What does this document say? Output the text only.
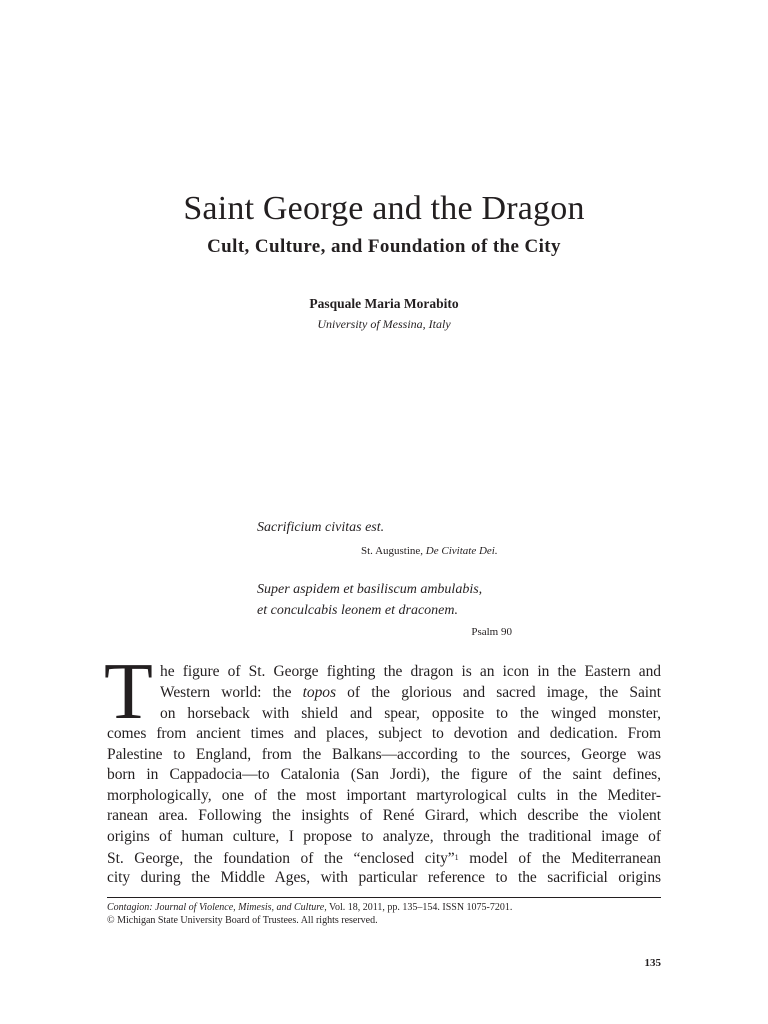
Saint George and the Dragon
Cult, Culture, and Foundation of the City
Pasquale Maria Morabito
University of Messina, Italy
Sacrificium civitas est.
St. Augustine, De Civitate Dei.
Super aspidem et basiliscum ambulabis,
et conculcabis leonem et draconem.
Psalm 90
T he figure of St. George fighting the dragon is an icon in the Eastern and
Western world: the topos of the glorious and sacred image, the Saint
on horseback with shield and spear, opposite to the winged monster,
comes from ancient times and places, subject to devotion and dedication. From
Palestine to England, from the Balkans—according to the sources, George was
born in Cappadocia—to Catalonia (San Jordi), the figure of the saint defines,
morphologically, one of the most important martyrological cults in the Mediter-
ranean area. Following the insights of René Girard, which describe the violent
origins of human culture, I propose to analyze, through the traditional image of
St. George, the foundation of the “enclosed city”$^1$ model of the Mediterranean
city during the Middle Ages, with particular reference to the sacrificial origins
Contagion: Journal of Violence, Mimesis, and Culture, Vol. 18, 2011, pp. 135–154. ISSN 1075-7201.
© Michigan State University Board of Trustees. All rights reserved.
135
